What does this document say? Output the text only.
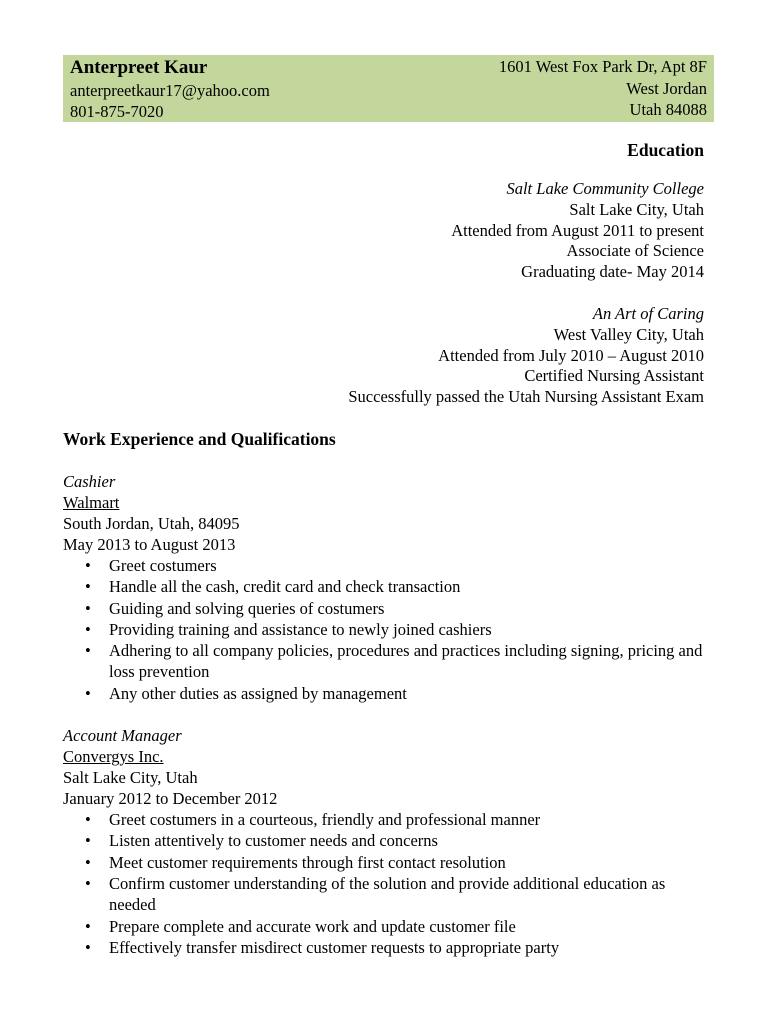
Anterpreet Kaur
anterpreetkaur17@yahoo.com
801-875-7020
1601 West Fox Park Dr, Apt 8F
West Jordan
Utah 84088
Education
Salt Lake Community College
Salt Lake City, Utah
Attended from August 2011 to present
Associate of Science
Graduating date- May 2014
An Art of Caring
West Valley City, Utah
Attended from July 2010 – August 2010
Certified Nursing Assistant
Successfully passed the Utah Nursing Assistant Exam
Work Experience and Qualifications
Cashier
Walmart
South Jordan, Utah, 84095
May 2013 to August 2013
• Greet costumers
• Handle all the cash, credit card and check transaction
• Guiding and solving queries of costumers
• Providing training and assistance to newly joined cashiers
• Adhering to all company policies, procedures and practices including signing, pricing and loss prevention
• Any other duties as assigned by management
Account Manager
Convergys Inc.
Salt Lake City, Utah
January 2012 to December 2012
• Greet costumers in a courteous, friendly and professional manner
• Listen attentively to customer needs and concerns
• Meet customer requirements through first contact resolution
• Confirm customer understanding of the solution and provide additional education as needed
• Prepare complete and accurate work and update customer file
• Effectively transfer misdirect customer requests to appropriate party
